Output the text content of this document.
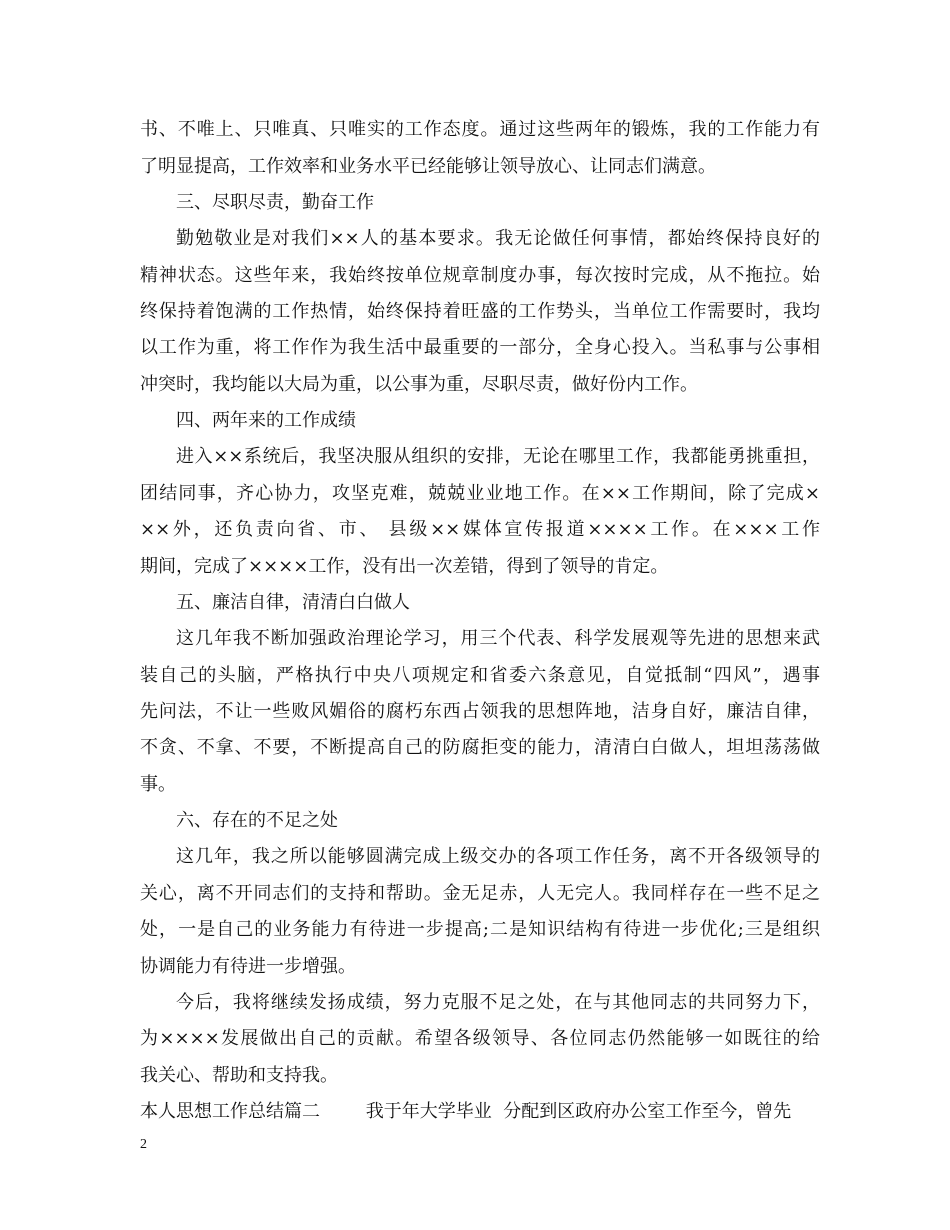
书、不唯上、只唯真、只唯实的工作态度。通过这些两年的锻炼，我的工作能力有
了明显提高，工作效率和业务水平已经能够让领导放心、让同志们满意。
三、尽职尽责，勤奋工作
勤勉敬业是对我们××人的基本要求。我无论做任何事情，都始终保持良好的
精神状态。这些年来，我始终按单位规章制度办事，每次按时完成，从不拖拉。始
终保持着饱满的工作热情，始终保持着旺盛的工作势头，当单位工作需要时，我均
以工作为重，将工作作为我生活中最重要的一部分，全身心投入。当私事与公事相
冲突时，我均能以大局为重，以公事为重，尽职尽责，做好份内工作。
四、两年来的工作成绩
进入××系统后，我坚决服从组织的安排，无论在哪里工作，我都能勇挑重担，
团结同事，齐心协力，攻坚克难，兢兢业业地工作。在××工作期间，除了完成×
××外，还负责向省、市、 县级××媒体宣传报道××××工作。在×××工作
期间，完成了××××工作，没有出一次差错，得到了领导的肯定。
五、廉洁自律，清清白白做人
这几年我不断加强政治理论学习，用三个代表、科学发展观等先进的思想来武
装自己的头脑，严格执行中央八项规定和省委六条意见，自觉抵制“四风”，遇事
先问法，不让一些败风媚俗的腐朽东西占领我的思想阵地，洁身自好，廉洁自律，
不贪、不拿、不要，不断提高自己的防腐拒变的能力，清清白白做人，坦坦荡荡做
事。
六、存在的不足之处
这几年，我之所以能够圆满完成上级交办的各项工作任务，离不开各级领导的
关心，离不开同志们的支持和帮助。金无足赤，人无完人。我同样存在一些不足之
处，一是自己的业务能力有待进一步提高;二是知识结构有待进一步优化;三是组织
协调能力有待进一步增强。
今后，我将继续发扬成绩，努力克服不足之处，在与其他同志的共同努力下，
为××××发展做出自己的贡献。希望各级领导、各位同志仍然能够一如既往的给
我关心、帮助和支持我。
本人思想工作总结篇二        我于年大学毕业  分配到区政府办公室工作至今，曾先
2
